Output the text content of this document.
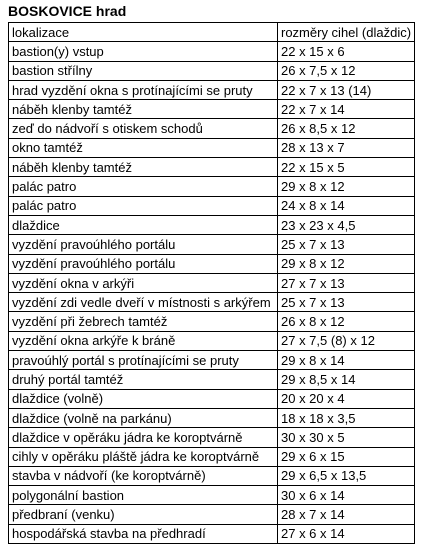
BOSKOVICE hrad
lokalizace	rozměry cihel (dlaždic)
bastion(y) vstup	22 x 15 x 6
bastion střílny	26 x 7,5 x 12
hrad vyzdění okna s protínajícími se pruty	22 x 7 x 13 (14)
náběh klenby tamtéž	22 x 7 x 14
zeď do nádvoří s otiskem schodů	26 x 8,5 x 12
okno tamtéž	28 x 13 x 7
náběh klenby tamtéž	22 x 15 x 5
palác patro	29 x 8 x 12
palác patro	24 x 8 x 14
dlaždice	23 x 23 x 4,5
vyzdění pravoúhlého portálu	25 x 7 x 13
vyzdění pravoúhlého portálu	29 x 8 x 12
vyzdění okna v arkýři	27 x 7 x 13
vyzdění zdi vedle dveří v místnosti s arkýřem	25 x 7 x 13
vyzdění při žebrech tamtéž	26 x 8 x 12
vyzdění okna arkýře k bráně	27 x 7,5 (8) x 12
pravoúhlý portál s protínajícími se pruty	29 x 8 x 14
druhý portál tamtéž	29 x 8,5 x 14
dlaždice (volně)	20 x 20 x 4
dlaždice (volně na parkánu)	18 x 18 x 3,5
dlaždice v opěráku jádra ke koroptvárně	30 x 30 x 5
cihly v opěráku pláště jádra ke koroptvárně	29 x 6 x 15
stavba v nádvoří (ke koroptvárně)	29 x 6,5 x 13,5
polygonální bastion	30 x 6 x 14
předbraní (venku)	28 x 7 x 14
hospodářská stavba na předhradí	27 x 6 x 14
